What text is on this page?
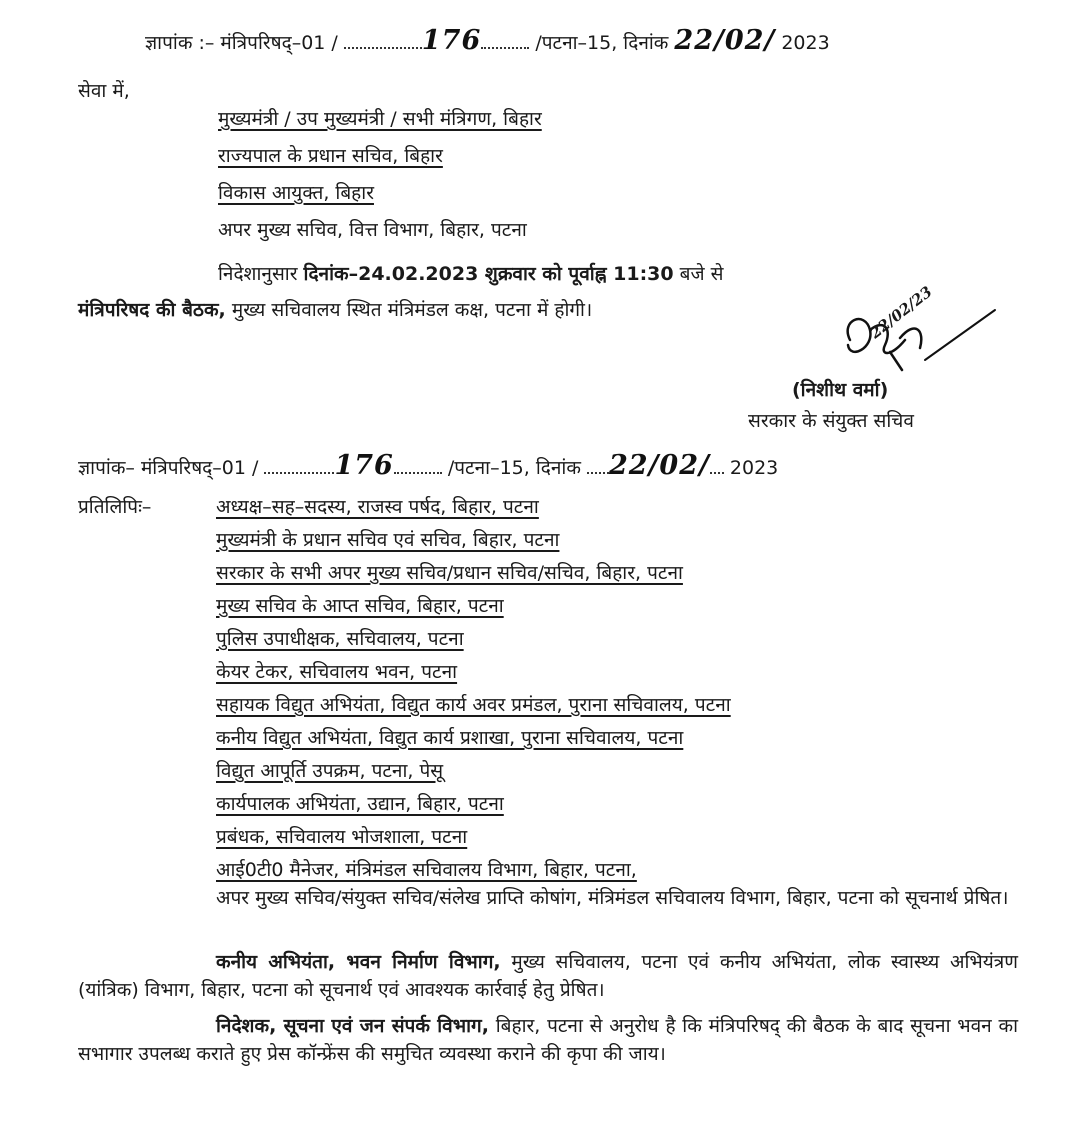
ज्ञापांक :– मंत्रिपरिषद्–01 /	176	/पटना–15, दिनांक 22/02/ 2023
सेवा में,
मुख्यमंत्री / उप मुख्यमंत्री / सभी मंत्रिगण, बिहार
राज्यपाल के प्रधान सचिव, बिहार
विकास आयुक्त, बिहार
अपर मुख्य सचिव, वित्त विभाग, बिहार, पटना
निदेशानुसार दिनांक–24.02.2023 शुक्रवार को पूर्वाह्न 11:30 बजे से
मंत्रिपरिषद की बैठक, मुख्य सचिवालय स्थित मंत्रिमंडल कक्ष, पटना में होगी।	22/02/23
(निशीथ वर्मा)
सरकार के संयुक्त सचिव
ज्ञापांक– मंत्रिपरिषद्–01 /	176	/पटना–15, दिनांक 22/02/ 2023
प्रतिलिपिः–	अध्यक्ष–सह–सदस्य, राजस्व पर्षद, बिहार, पटना
मुख्यमंत्री के प्रधान सचिव एवं सचिव, बिहार, पटना
सरकार के सभी अपर मुख्य सचिव/प्रधान सचिव/सचिव, बिहार, पटना
मुख्य सचिव के आप्त सचिव, बिहार, पटना
पुलिस उपाधीक्षक, सचिवालय, पटना
केयर टेकर, सचिवालय भवन, पटना
सहायक विद्युत अभियंता, विद्युत कार्य अवर प्रमंडल, पुराना सचिवालय, पटना
कनीय विद्युत अभियंता, विद्युत कार्य प्रशाखा, पुराना सचिवालय, पटना
विद्युत आपूर्ति उपक्रम, पटना, पेसू
कार्यपालक अभियंता, उद्यान, बिहार, पटना
प्रबंधक, सचिवालय भोजशाला, पटना
आई0टी0 मैनेजर, मंत्रिमंडल सचिवालय विभाग, बिहार, पटना,
अपर मुख्य सचिव/संयुक्त सचिव/संलेख प्राप्ति कोषांग, मंत्रिमंडल सचिवालय विभाग, बिहार, पटना को सूचनार्थ प्रेषित।
कनीय अभियंता, भवन निर्माण विभाग, मुख्य सचिवालय, पटना एवं कनीय अभियंता, लोक स्वास्थ्य अभियंत्रण (यांत्रिक) विभाग, बिहार, पटना को सूचनार्थ एवं आवश्यक कार्रवाई हेतु प्रेषित।
निदेशक, सूचना एवं जन संपर्क विभाग, बिहार, पटना से अनुरोध है कि मंत्रिपरिषद् की बैठक के बाद सूचना भवन का सभागार उपलब्ध कराते हुए प्रेस कॉन्फ्रेंस की समुचित व्यवस्था कराने की कृपा की जाय।
